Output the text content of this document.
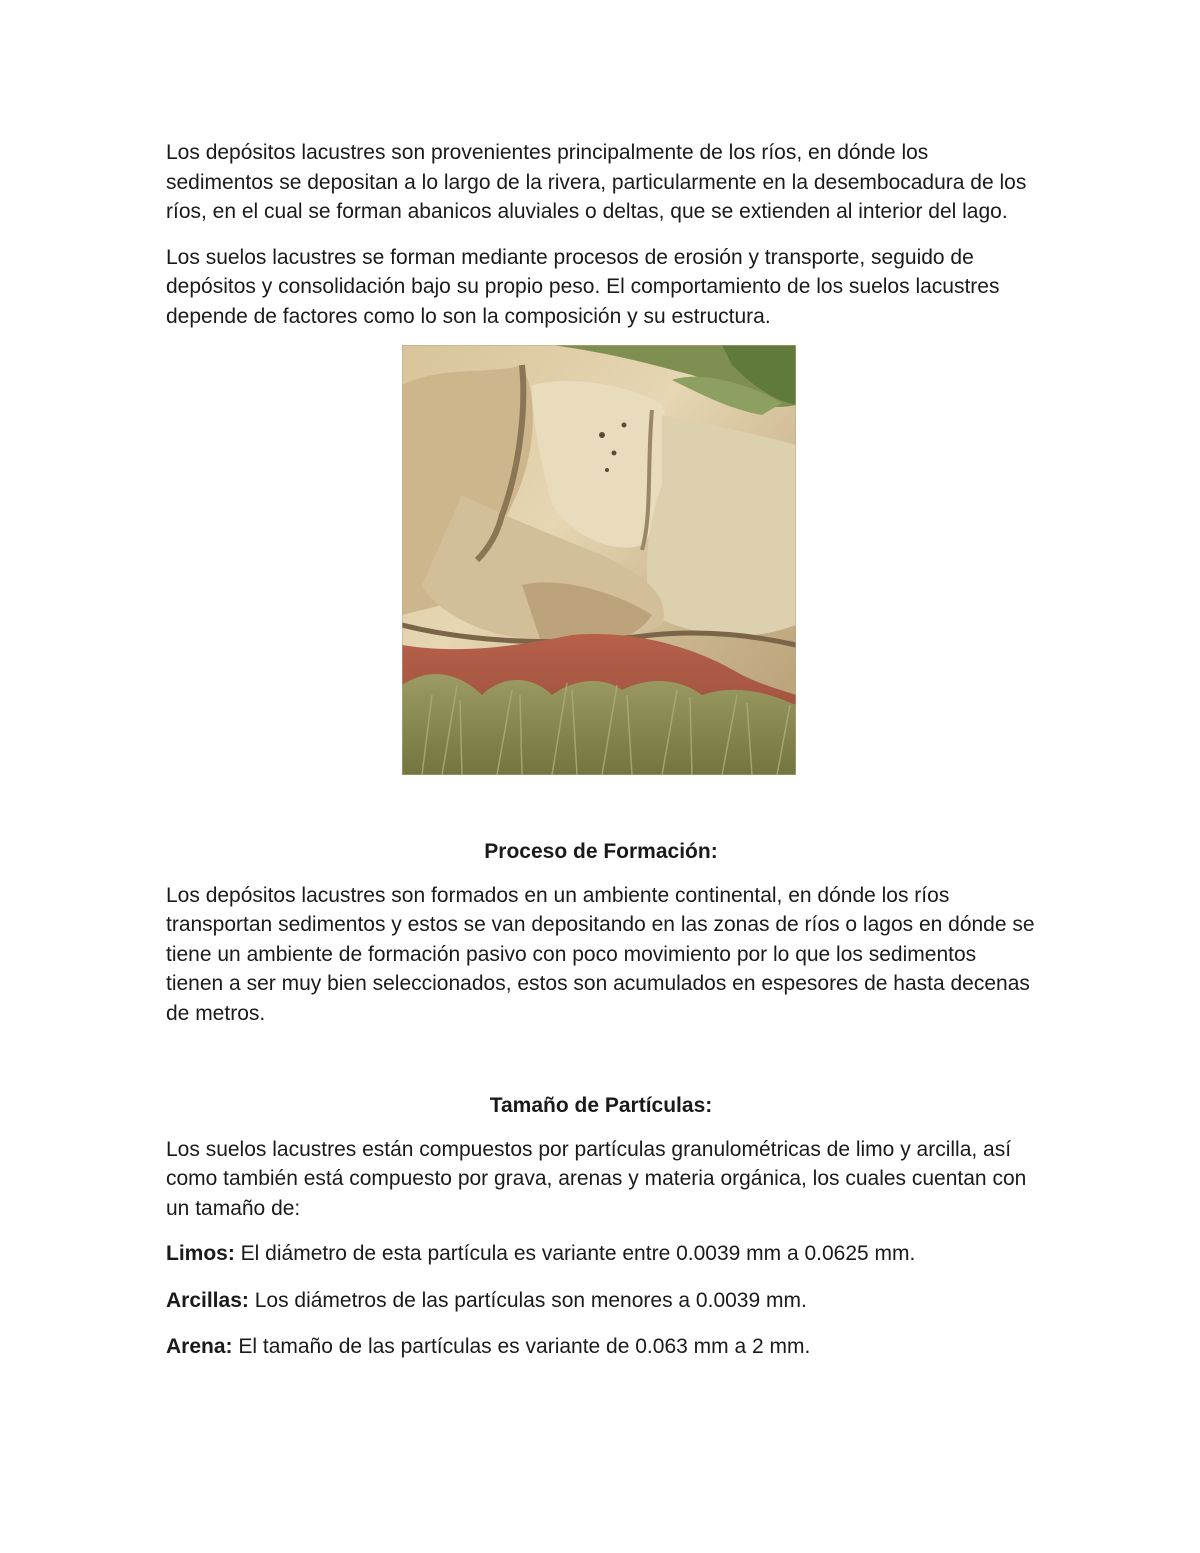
Los depósitos lacustres son provenientes principalmente de los ríos, en dónde los sedimentos se depositan a lo largo de la rivera, particularmente en la desembocadura de los ríos, en el cual se forman abanicos aluviales o deltas, que se extienden al interior del lago.

Los suelos lacustres se forman mediante procesos de erosión y transporte, seguido de depósitos y consolidación bajo su propio peso. El comportamiento de los suelos lacustres depende de factores como lo son la composición y su estructura.

Proceso de Formación:

Los depósitos lacustres son formados en un ambiente continental, en dónde los ríos transportan sedimentos y estos se van depositando en las zonas de ríos o lagos en dónde se tiene un ambiente de formación pasivo con poco movimiento por lo que los sedimentos tienen a ser muy bien seleccionados, estos son acumulados en espesores de hasta decenas de metros.

Tamaño de Partículas:

Los suelos lacustres están compuestos por partículas granulométricas de limo y arcilla, así como también está compuesto por grava, arenas y materia orgánica, los cuales cuentan con un tamaño de:

Limos: El diámetro de esta partícula es variante entre 0.0039 mm a 0.0625 mm.

Arcillas: Los diámetros de las partículas son menores a 0.0039 mm.

Arena: El tamaño de las partículas es variante de 0.063 mm a 2 mm.
